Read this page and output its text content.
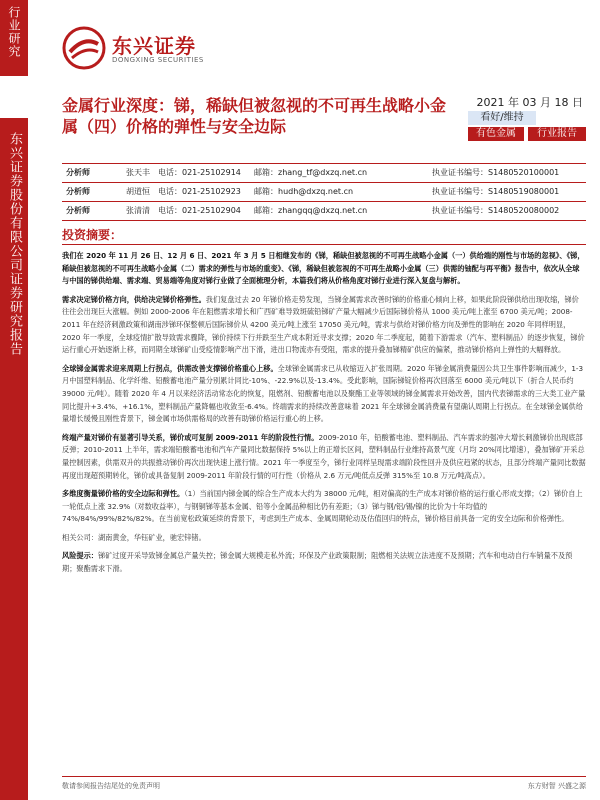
行业研究
东兴证券股份有限公司证券研究报告
东兴证券
DONGXING SECURITIES
金属行业深度：锑，稀缺但被忽视的不可再生战略小金属（四）价格的弹性与安全边际
2021 年 03 月 18 日
看好/维持
有色金属	行业报告
分析师	张天丰 电话：021-25102914 邮箱：zhang_tf@dxzq.net.cn	执业证书编号：S1480520100001
分析师	胡道恒 电话：021-25102923 邮箱：hudh@dxzq.net.cn	执业证书编号：S1480519080001
分析师	张清清 电话：021-25102904 邮箱：zhangqq@dxzq.net.cn	执业证书编号：S1480520080002
投资摘要：

我们在 2020 年 11 月 26 日、12 月 6 日、2021 年 3 月 5 日相继发布的《锑，稀缺但被忽视的不可再生战略小金属（一）供给端的刚性与市场的忽视》、《锑，稀缺但被忽视的不可再生战略小金属（二）需求的弹性与市场的重变》、《锑，稀缺但被忽视的不可再生战略小金属（三）供需的铀配与再平衡》报告中，依次从全球与中国的锑供给端、需求端、贸易端等角度对锑行业做了全面梳理分析，本篇我们将从价格角度对锑行业进行深入复盘与解析。

需求决定锑价格方向，供给决定锑价格弹性。我们复盘过去 20 年锑价格走势发现，当锑金属需求改善时锑的价格重心倾向上移，如果此阶段锑供给出现收缩，锑价往往会出现巨大涨幅。例如 2000-2006 年在阻燃需求增长和广西矿难导致斑硫铅锑矿产量大幅减少后国际锑价格从 1000 美元/吨上涨至 6700 美元/吨；2008-2011 年在经济刺激政策和湖南涉锑环保整顿后国际锑价从 4200 美元/吨上涨至 17050 美元/吨，需求与供给对锑价格方向及弹性的影响在 2020 年同样明显，2020 年一季度，全球疫情扩散导致需求骤降，锑价持续下行并跌至生产成本附近寻求支撑；2020 年二季度起，随着下游需求（汽车、塑料制品）的逐步恢复，锑价运行重心开始逐渐上移，而同期全球锑矿山受疫情影响产出下滑，进出口物流亦有受阻，需求的提升叠加锑精矿供应的偏紧，推动锑价格向上弹性的大幅释放。

全球锑金属需求迎来周期上行拐点，供需改善支撑锑价格重心上移。全球锑金属需求已从收缩迈入扩张周期。2020 年锑金属消费量因公共卫生事件影响而减少，1-3 月中国塑料制品、化学纤维、铅酸蓄电池产量分别累计同比-10%、-22.9%以及-13.4%。受此影响，国际锑锭价格再次回落至 6000 美元/吨以下（折合人民币约 39000 元/吨）。随着 2020 年 4 月以来经济活动常态化的恢复，阻燃剂、铅酸蓄电池以及聚酯工业等领域的锑金属需求开始改善，国内代表锑需求的三大类工业产量同比提升+3.4%、+16.1%，塑料制品产量降幅也收敛至-6.4%。终端需求的持续改善意味着 2021 年全球锑金属消费量有望确认周期上行拐点。在全球锑金属供给量增长缓慢且刚性背景下，锑金属市场供需格局的改善有助锑价格运行重心的上移。

终端产量对锑价有显著引导关系，锑价或可复制 2009-2011 年的阶段性行情。2009-2010 年，铅酸蓄电池、塑料制品、汽车需求的强冲大增长刺激锑价出现底部反弹；2010-2011 上半年，需求端铅酸蓄电池和汽车产量同比数据保持 5%以上的正增长区间，塑料制品行业维持高景气度（月均 20%同比增速），叠加锑矿开采总量控制因素，供需双升的共振推动锑价再次出现快速上涨行情。2021 年一季度至今，锑行业同样呈现需求端阶段性回升及供应趋紧的状态，且部分终端产量同比数据再度出现超预期转化，锑价或具备复制 2009-2011 年阶段行情的可行性（价格从 2.6 万元/吨低点反弹 315%至 10.8 万元/吨高点）。

多维度衡量锑价格的安全边际和弹性。（1）当前国内锑金属的综合生产成本大约为 38000 元/吨，相对偏高的生产成本对锑价格的运行重心形成支撑；（2）锑价自上一轮低点上涨 32.9%（对数收益率），与钢铜锑等基本金属、铅等小金属品种相比仍有差距；（3）锑与钢/铝/锡/镍的比价为十年均值的 74%/84%/99%/82%/82%。在当前宽松政策延续的背景下，考虑到生产成本、金属周期轮动及估值回归的特点，锑价格目前具备一定的安全边际和价格弹性。

相关公司：湖南黄金，华钰矿业，驰宏锌锗。

风险提示：锑矿过度开采导致锑金属总产量失控；锑金属大规模走私外流；环保及产业政策限制；阻燃相关法规立法进度不及预期；汽车和电动自行车销量不及预期；聚酯需求下滑。

敬请参阅报告结尾处的免责声明	东方财智 兴盛之源
